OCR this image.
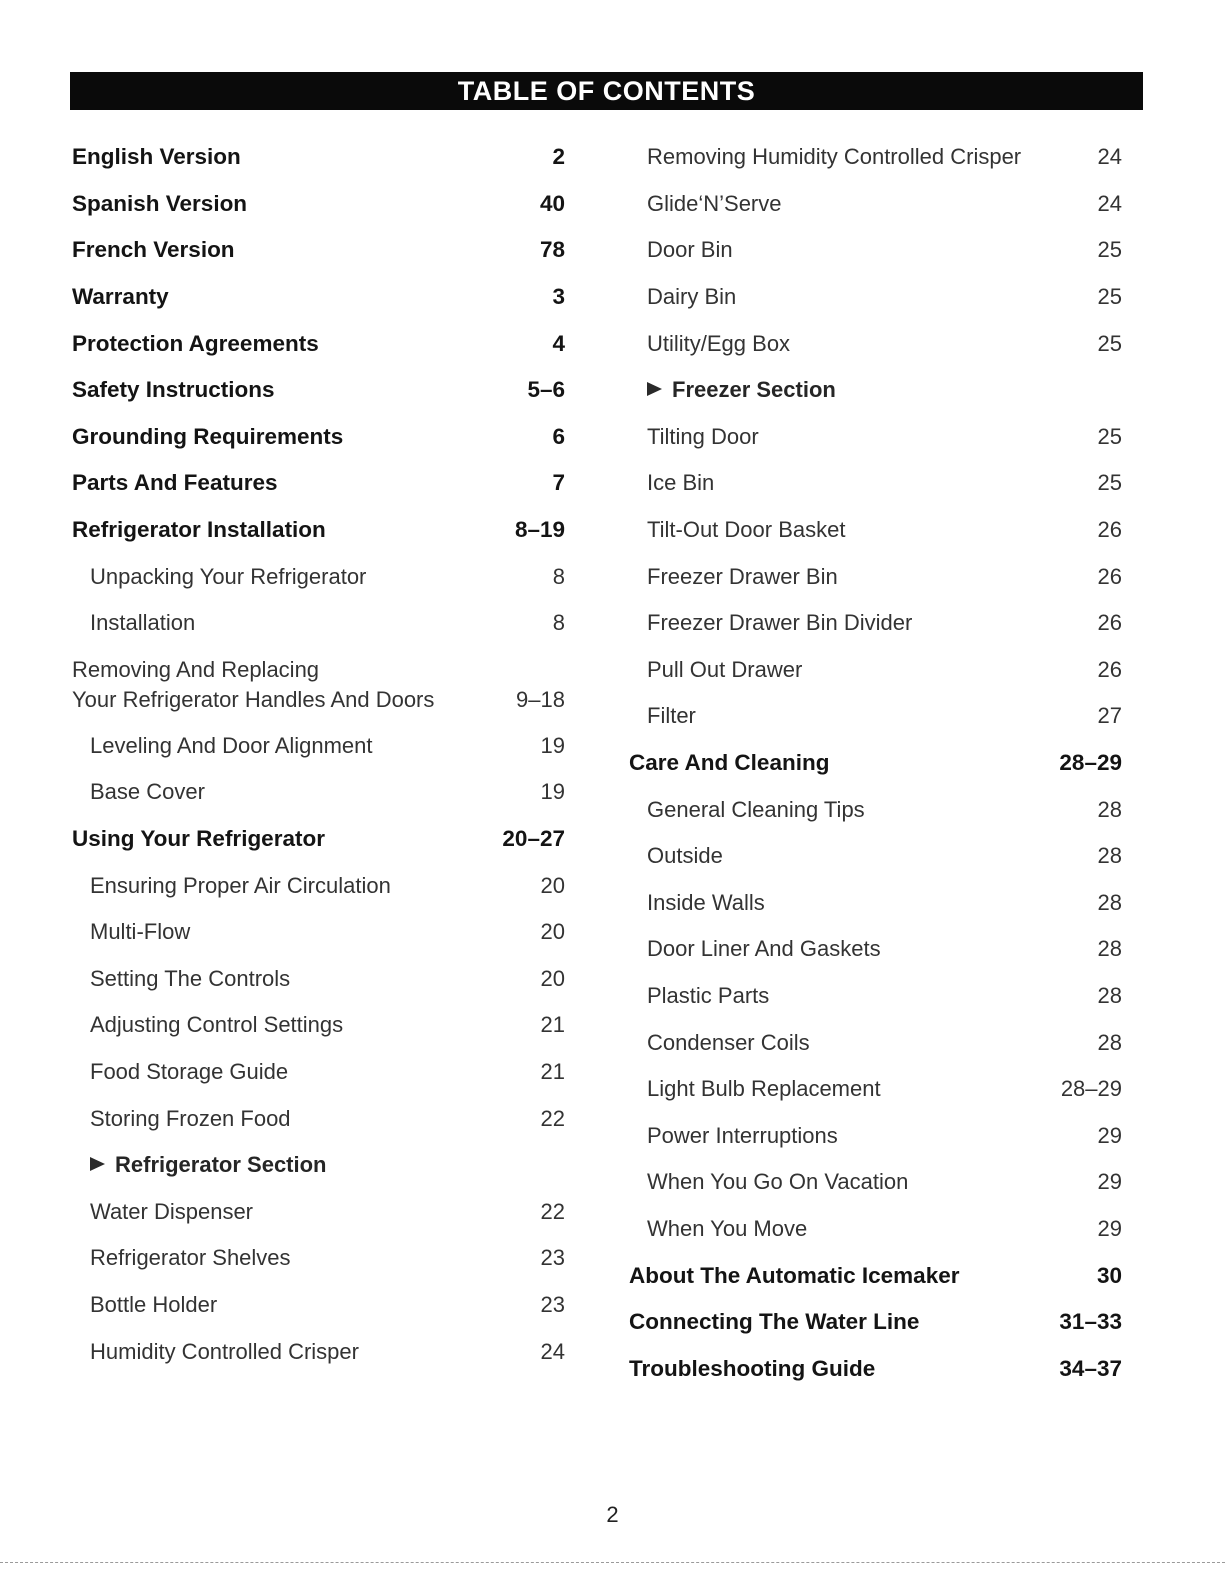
TABLE OF CONTENTS
English Version	2
Spanish Version	40
French Version	78
Warranty	3
Protection Agreements	4
Safety Instructions	5–6
Grounding Requirements	6
Parts And Features	7
Refrigerator Installation	8–19
Unpacking Your Refrigerator	8
Installation	8
Removing And Replacing
Your Refrigerator Handles And Doors	9–18
Leveling And Door Alignment	19
Base Cover	19
Using Your Refrigerator	20–27
Ensuring Proper Air Circulation	20
Multi-Flow	20
Setting The Controls	20
Adjusting Control Settings	21
Food Storage Guide	21
Storing Frozen Food	22
Refrigerator Section
Water Dispenser	22
Refrigerator Shelves	23
Bottle Holder	23
Humidity Controlled Crisper	24
Removing Humidity Controlled Crisper	24
Glide‘N’Serve	24
Door Bin	25
Dairy Bin	25
Utility/Egg Box	25
Freezer Section
Tilting Door	25
Ice Bin	25
Tilt-Out Door Basket	26
Freezer Drawer Bin	26
Freezer Drawer Bin Divider	26
Pull Out Drawer	26
Filter	27
Care And Cleaning	28–29
General Cleaning Tips	28
Outside	28
Inside Walls	28
Door Liner And Gaskets	28
Plastic Parts	28
Condenser Coils	28
Light Bulb Replacement	28–29
Power Interruptions	29
When You Go On Vacation	29
When You Move	29
About The Automatic Icemaker	30
Connecting The Water Line	31–33
Troubleshooting Guide	34–37
2
